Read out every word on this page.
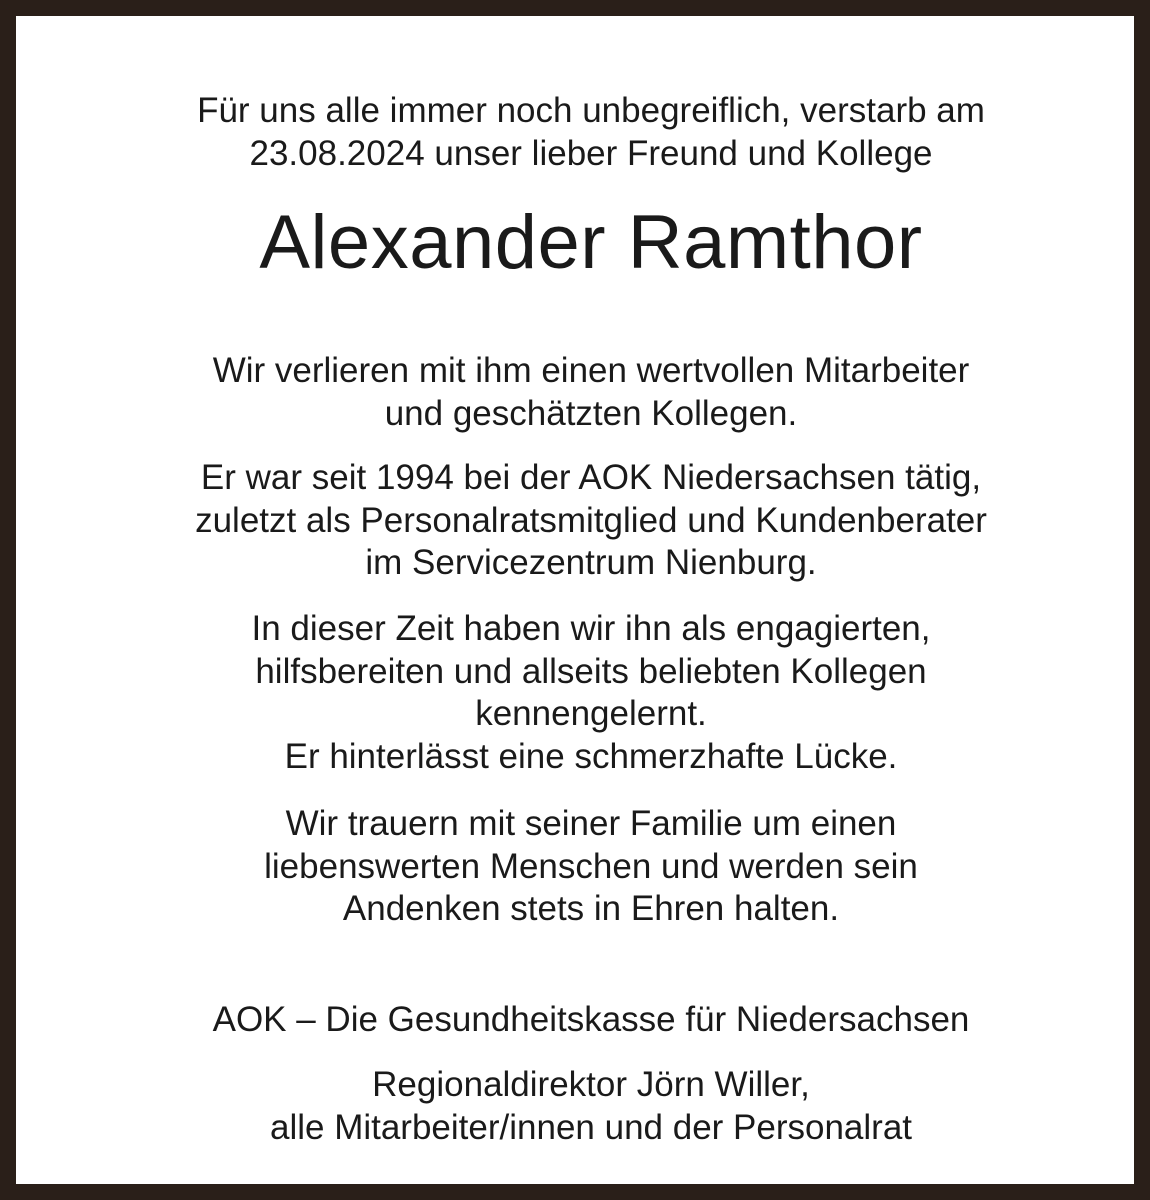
Für uns alle immer noch unbegreiflich, verstarb am

23.08.2024 unser lieber Freund und Kollege

Alexander Ramthor

Wir verlieren mit ihm einen wertvollen Mitarbeiter

und geschätzten Kollegen.

Er war seit 1994 bei der AOK Niedersachsen tätig,

zuletzt als Personalratsmitglied und Kundenberater

im Servicezentrum Nienburg.

In dieser Zeit haben wir ihn als engagierten,

hilfsbereiten und allseits beliebten Kollegen

kennengelernt.

Er hinterlässt eine schmerzhafte Lücke.

Wir trauern mit seiner Familie um einen

liebenswerten Menschen und werden sein

Andenken stets in Ehren halten.

AOK – Die Gesundheitskasse für Niedersachsen

Regionaldirektor Jörn Willer,

alle Mitarbeiter/innen und der Personalrat
